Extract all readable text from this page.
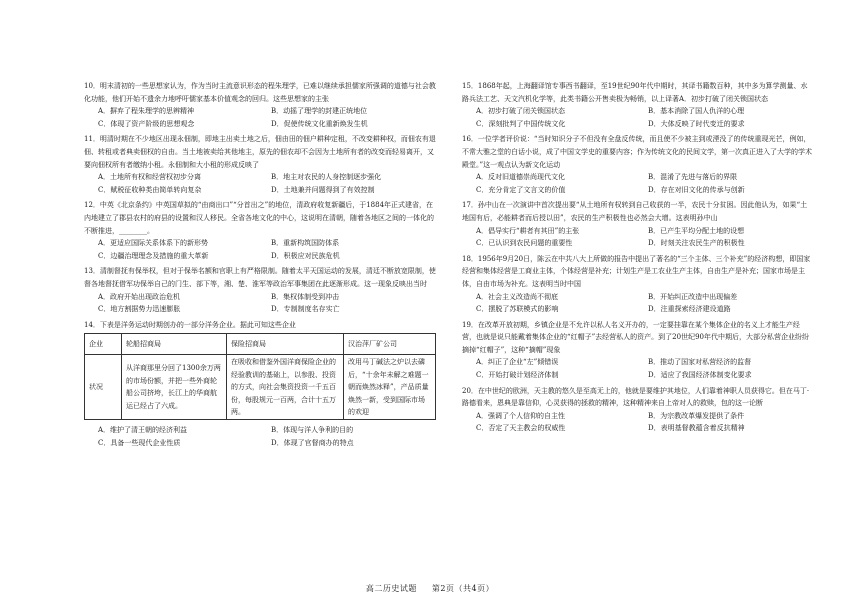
10．明末清初的一些思想家认为，作为当时主流意识形态的程朱理学，已难以继续承担儒家所强调的道德与社会教化功能，他们开始不遗余力地呼吁儒家基本价值观念的回归。这些思想家的主张
A．摒弃了程朱理学的思辨精神	B．动摇了理学的封建正统地位
C．体现了资产阶级的思想观念	D．促使传统文化重新焕发生机
11．明清时期在不少地区出现永佃制，即地主出卖土地之后，佃由田的佃户耕种定租，不改变耕种权，而佃农有退佃、转租或者典卖佃权的自由。当土地被卖给其他地主，原先的佃农却不会因为土地所有者的改变而轻易离开，又要向佃权所有者缴纳小租。永佃制和大小租的形成反映了
A．土地所有权和经营权初步分离	B．地主对农民的人身控制逐步强化
C．赋税征收种类由简单转向复杂	D．土地兼并问题得到了有效控制
12．中英《北京条约》中英国草拟的“由商出口”“分首出之”的地位，清政府收复新疆后，于1884年正式建省，在内地建立了郡县农村的府县的设置和汉人移民。全省各地文化的中心，这说明在清朝，随着各地区之间的一体化的不断推进，________。
A．更适应国际关系体系下的新形势	B．重新构筑国防体系
C．边疆治理理念及措施的重大革新	D．积极应对民族危机
13．清制督抚有保举权，但对于保举名额和官职上有严格限制。随着太平天国运动的发展，清廷不断放宽限制，使督各地督抚借军功保举自己的门生、部下等，湘、楚、淮军等政治军事集团在此逐渐形成。这一现象反映出当时
A．政府开始出现政治危机	B．集权体制受到冲击
C．地方割据势力迅速膨胀	D．专制制度名存实亡
14．下表是洋务运动时期创办的一部分洋务企业。据此可知这些企业
企业	轮船招商局	保险招商局	汉治萍厂矿公司
状况	从洋商那里分回了1300余万两的市场份额，并把一些外商轮船公司挤垮，长江上的华商航运已经占了六成。	在吸收和借鉴外国洋商保险企业的经验教训的基础上，以参股、投资的方式，向社会集资投资一千五百份，每股规元一百两，合计十五万两。	改用马丁碱法之炉以去磷后，“十余年未解之难题一朝而焕然冰释”，产品质量焕然一新，受到国际市场的欢迎
A．维护了清王朝的经济利益	B．体现与洋人争利的目的
C．具备一些现代企业性质	D．体现了官督商办的特点
15．1868年起，上海翻译馆专事西书翻译，至19世纪90年代中期时，其译书籍数百种，其中多为算学测量、水路兵法工艺、天文汽机化学等，此类书籍公开售卖极为畅销，以上译著A．初步打破了闭关锁国状态
A．初步打破了闭关锁国状态	B．基本消除了国人仇洋的心理
C．深刻批判了中国传统文化	D．大体反映了时代变迁的要求
16．一位学者评价说：“当时知识分子不但没有全盘反传统，而且使不少被主到或湮没了的传统重现光芒，例如，不常大雅之堂的白话小说，成了中国文学史的重要内容；作为传统文化的民间文学，第一次真正进入了大学的学术殿堂。”这一观点认为新文化运动
A．反对旧道德崇尚现代文化	B．混淆了先进与落后的界限
C．充分肯定了文言文的价值	D．存在对旧文化的传承与创新
17．孙中山在一次演讲中首次提出要“从土地所有权转到自己收获的一半，农民十分贫困。因此他认为，如果“土地国有后，必能耕者而后授以田”，农民的生产积极性也必然会大增。这表明孙中山
A．倡导实行“耕者有其田”的主张	B．已产生平均分配土地的设想
C．已认识到农民问题的重要性	D．时刻关注农民生产的积极性
18．1956年9月20日，陈云在中共八大上所做的报告中提出了著名的“三个主体、三个补充”的经济构想，即国家经营和集体经营是工商业主体，个体经营是补充；计划生产是工农业生产主体，自由生产是补充；国家市场是主体，自由市场为补充。这表明当时中国
A．社会主义改造尚不彻底	B．开始纠正改造中出现偏差
C．摆脱了苏联模式的影响	D．注重探索经济建设道路
19．在改革开放初期，乡镇企业是不允许以私人名义开办的，一定要挂靠在某个集体企业的名义上才能生产经营，也就是说只能戴着集体企业的“红帽子”去经营私人的资产。到了20世纪90年代中期后，大部分私营企业纷纷摘掉“红帽子”，这种“摘帽”现象
A．纠正了企业“左”倾错误	B．推动了国家对私营经济的监督
C．开始打破计划经济体制	D．适应了我国经济体制变化要求
20．在中世纪的欧洲，天主教的悠久是至高无上的，他就是要维护其地位，人们靠着神职人员获得它。但在马丁·路德看来，恩典是靠信仰，心灵获得的拯救的精神，这种精神来自上帝对人的救赎，包的这一论断
A．强调了个人信仰的自主性	B．为宗教改革爆发提供了条件
C．否定了天主教会的权威性	D．表明基督教蕴含着反抗精神
高二历史试题 第2页（共4页）
